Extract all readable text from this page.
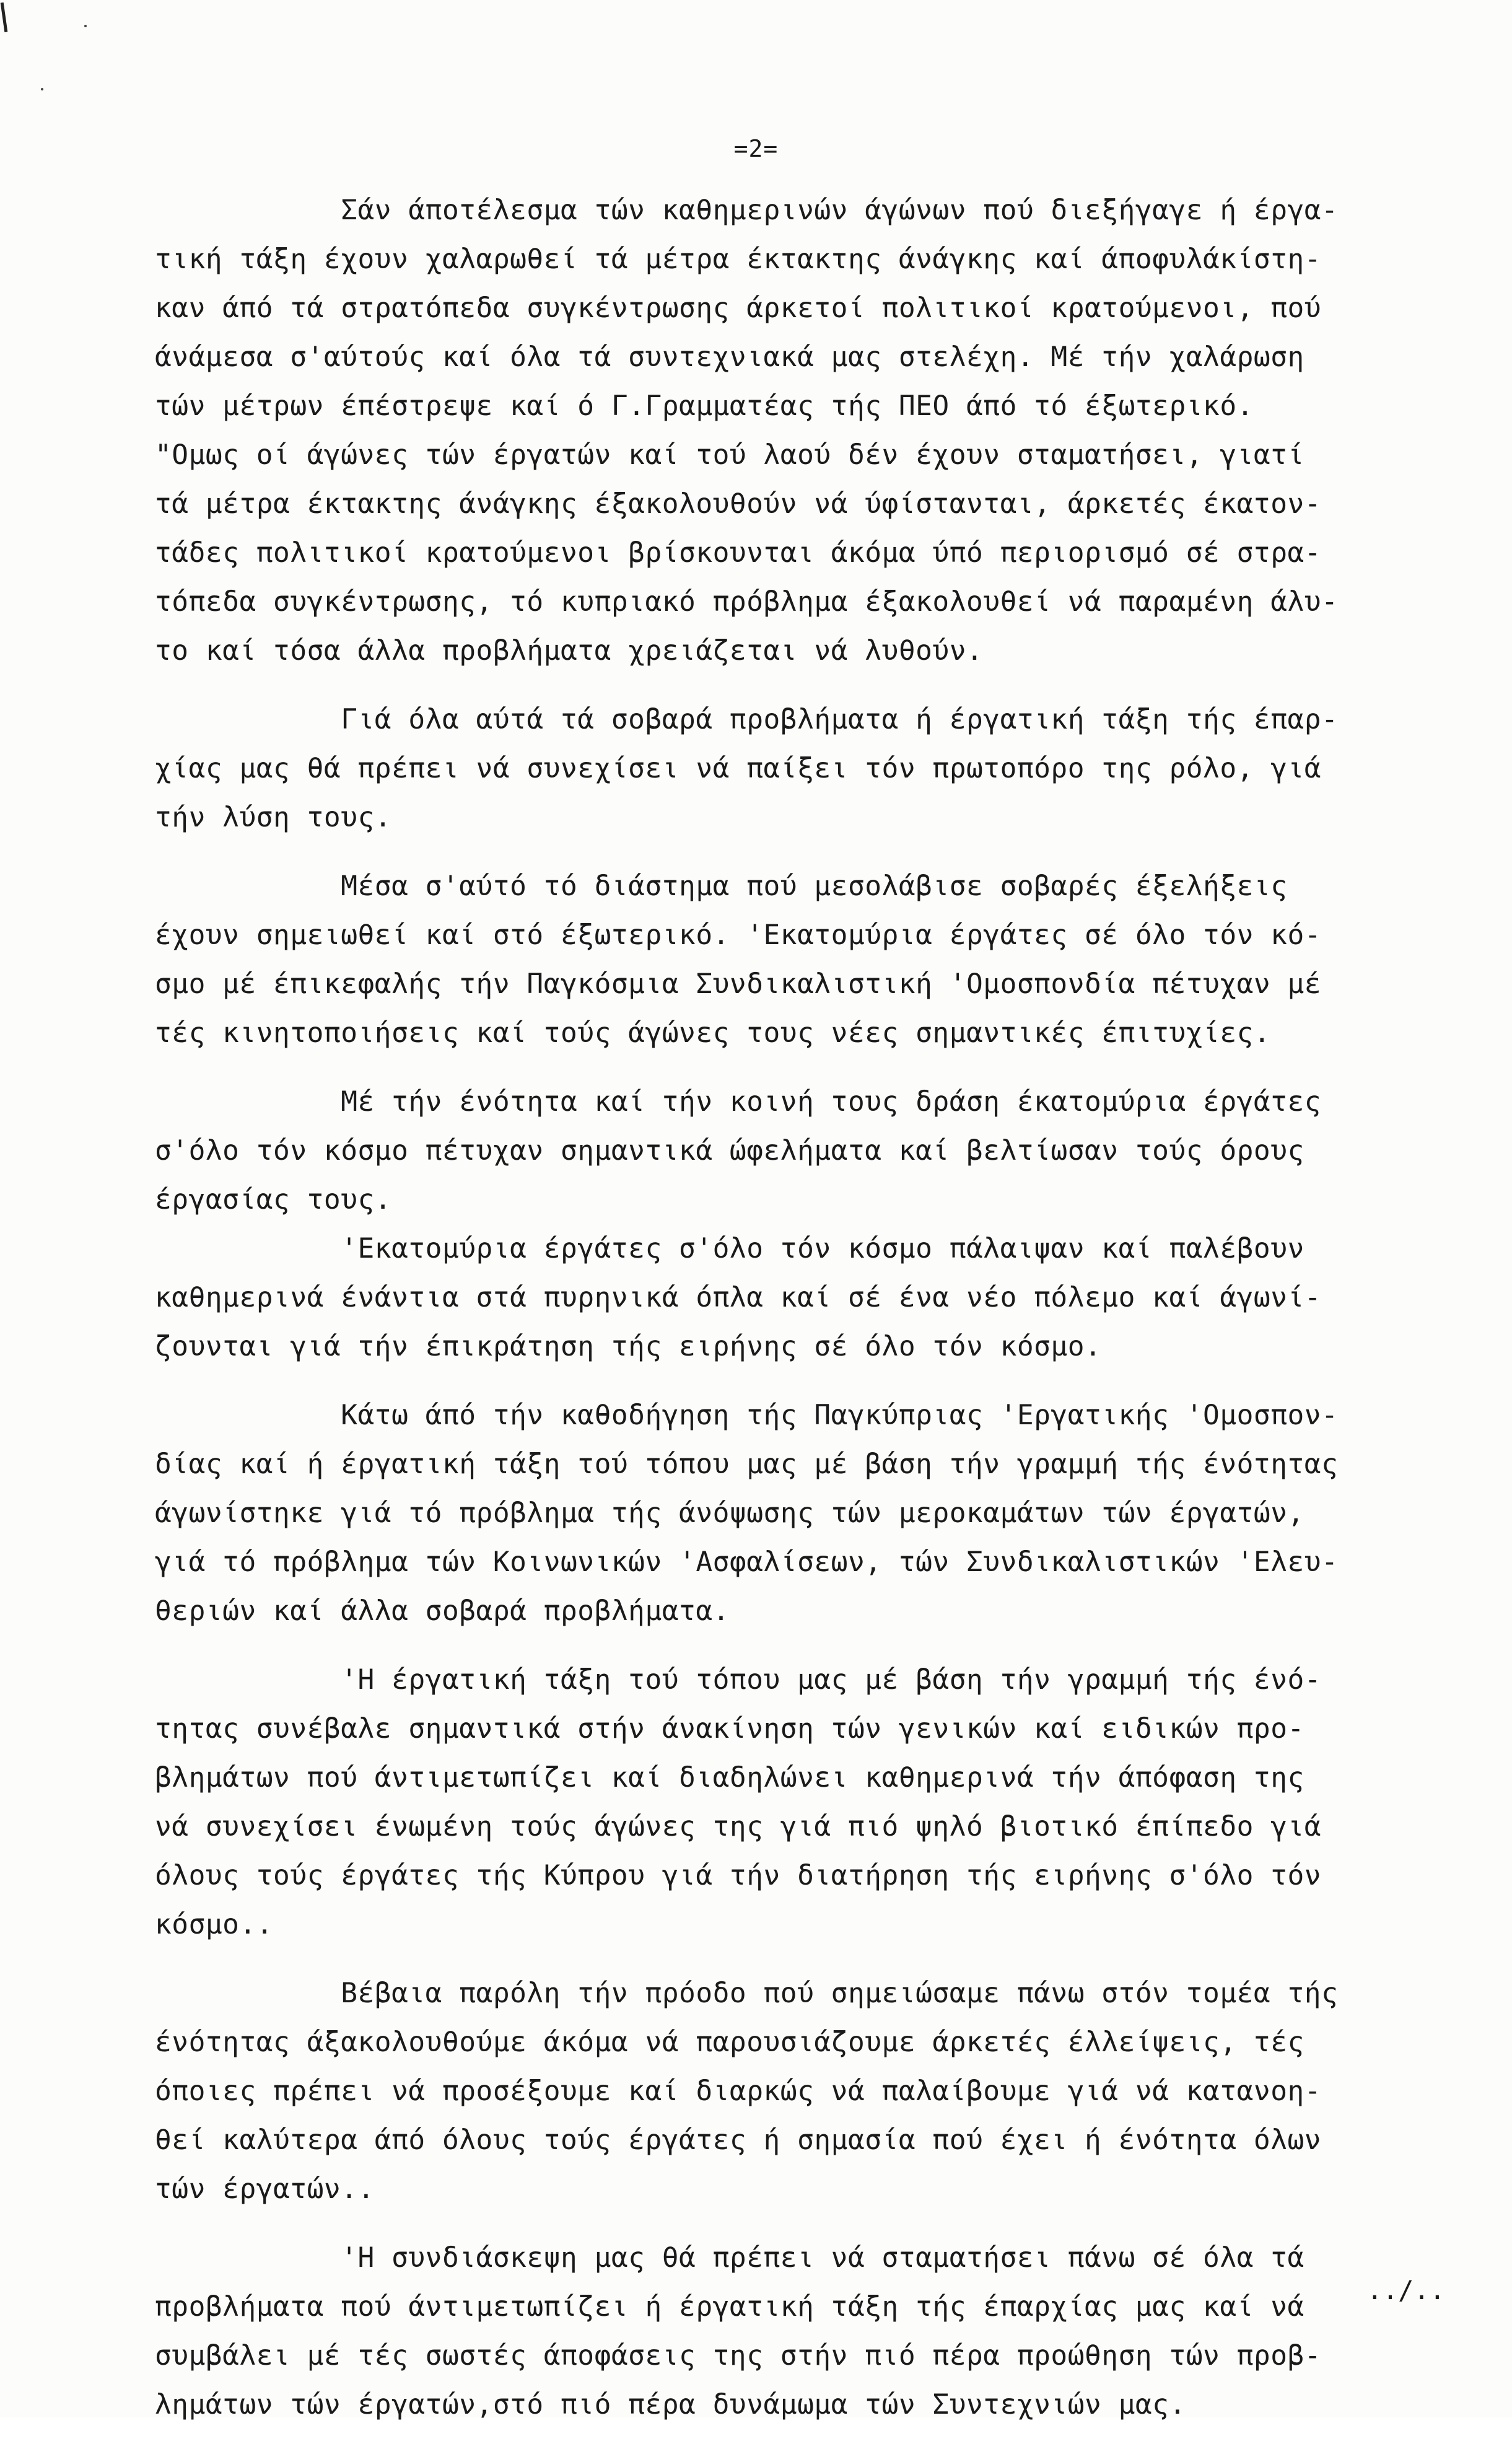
=2=

Σάν άποτέλεσμα τών καθημερινών άγώνων πού διεξήγαγε ή έργα-
τική τάξη έχουν χαλαρωθεί τά μέτρα έκτακτης άνάγκης καί άποφυλάκίστη-
καν άπό τά στρατόπεδα συγκέντρωσης άρκετοί πολιτικοί κρατούμενοι, πού
άνάμεσα σ'αύτούς καί όλα τά συντεχνιακά μας στελέχη. Μέ τήν χαλάρωση
τών μέτρων έπέστρεψε καί ό Γ.Γραμματέας τής ΠΕΟ άπό τό έξωτερικό.
"Ομως οί άγώνες τών έργατών καί τού λαού δέν έχουν σταματήσει, γιατί
τά μέτρα έκτακτης άνάγκης έξακολουθούν νά ύφίστανται, άρκετές έκατον-
τάδες πολιτικοί κρατούμενοι βρίσκουνται άκόμα ύπό περιορισμό σέ στρα-
τόπεδα συγκέντρωσης, τό κυπριακό πρόβλημα έξακολουθεί νά παραμένη άλυ-
το καί τόσα άλλα προβλήματα χρειάζεται νά λυθούν.

Γιά όλα αύτά τά σοβαρά προβλήματα ή έργατική τάξη τής έπαρ-
χίας μας θά πρέπει νά συνεχίσει νά παίξει τόν πρωτοπόρο της ρόλο, γιά
τήν λύση τους.

Μέσα σ'αύτό τό διάστημα πού μεσολάβισε σοβαρές έξελήξεις
έχουν σημειωθεί καί στό έξωτερικό. 'Εκατομύρια έργάτες σέ όλο τόν κό-
σμο μέ έπικεφαλής τήν Παγκόσμια Συνδικαλιστική 'Ομοσπονδία πέτυχαν μέ
τές κινητοποιήσεις καί τούς άγώνες τους νέες σημαντικές έπιτυχίες.

Μέ τήν ένότητα καί τήν κοινή τους δράση έκατομύρια έργάτες
σ'όλο τόν κόσμο πέτυχαν σημαντικά ώφελήματα καί βελτίωσαν τούς όρους
έργασίας τους.
'Εκατομύρια έργάτες σ'όλο τόν κόσμο πάλαιψαν καί παλέβουν
καθημερινά ένάντια στά πυρηνικά όπλα καί σέ ένα νέο πόλεμο καί άγωνί-
ζουνται γιά τήν έπικράτηση τής ειρήνης σέ όλο τόν κόσμο.

Κάτω άπό τήν καθοδήγηση τής Παγκύπριας 'Εργατικής 'Ομοσπον-
δίας καί ή έργατική τάξη τού τόπου μας μέ βάση τήν γραμμή τής ένότητας
άγωνίστηκε γιά τό πρόβλημα τής άνόψωσης τών μεροκαμάτων τών έργατών,
γιά τό πρόβλημα τών Κοινωνικών 'Ασφαλίσεων, τών Συνδικαλιστικών 'Ελευ-
θεριών καί άλλα σοβαρά προβλήματα.

'Η έργατική τάξη τού τόπου μας μέ βάση τήν γραμμή τής ένό-
τητας συνέβαλε σημαντικά στήν άνακίνηση τών γενικών καί ειδικών προ-
βλημάτων πού άντιμετωπίζει καί διαδηλώνει καθημερινά τήν άπόφαση της
νά συνεχίσει ένωμένη τούς άγώνες της γιά πιό ψηλό βιοτικό έπίπεδο γιά
όλους τούς έργάτες τής Κύπρου γιά τήν διατήρηση τής ειρήνης σ'όλο τόν
κόσμο..

Βέβαια παρόλη τήν πρόοδο πού σημειώσαμε πάνω στόν τομέα τής
ένότητας άξακολουθούμε άκόμα νά παρουσιάζουμε άρκετές έλλείψεις, τές
όποιες πρέπει νά προσέξουμε καί διαρκώς νά παλαίβουμε γιά νά κατανοη-
θεί καλύτερα άπό όλους τούς έργάτες ή σημασία πού έχει ή ένότητα όλων
τών έργατών..

'Η συνδιάσκεψη μας θά πρέπει νά σταματήσει πάνω σέ όλα τά
προβλήματα πού άντιμετωπίζει ή έργατική τάξη τής έπαρχίας μας καί νά
συμβάλει μέ τές σωστές άποφάσεις της στήν πιό πέρα προώθηση τών προβ-
λημάτων τών έργατών,στό πιό πέρα δυνάμωμα τών Συντεχνιών μας.

../..
